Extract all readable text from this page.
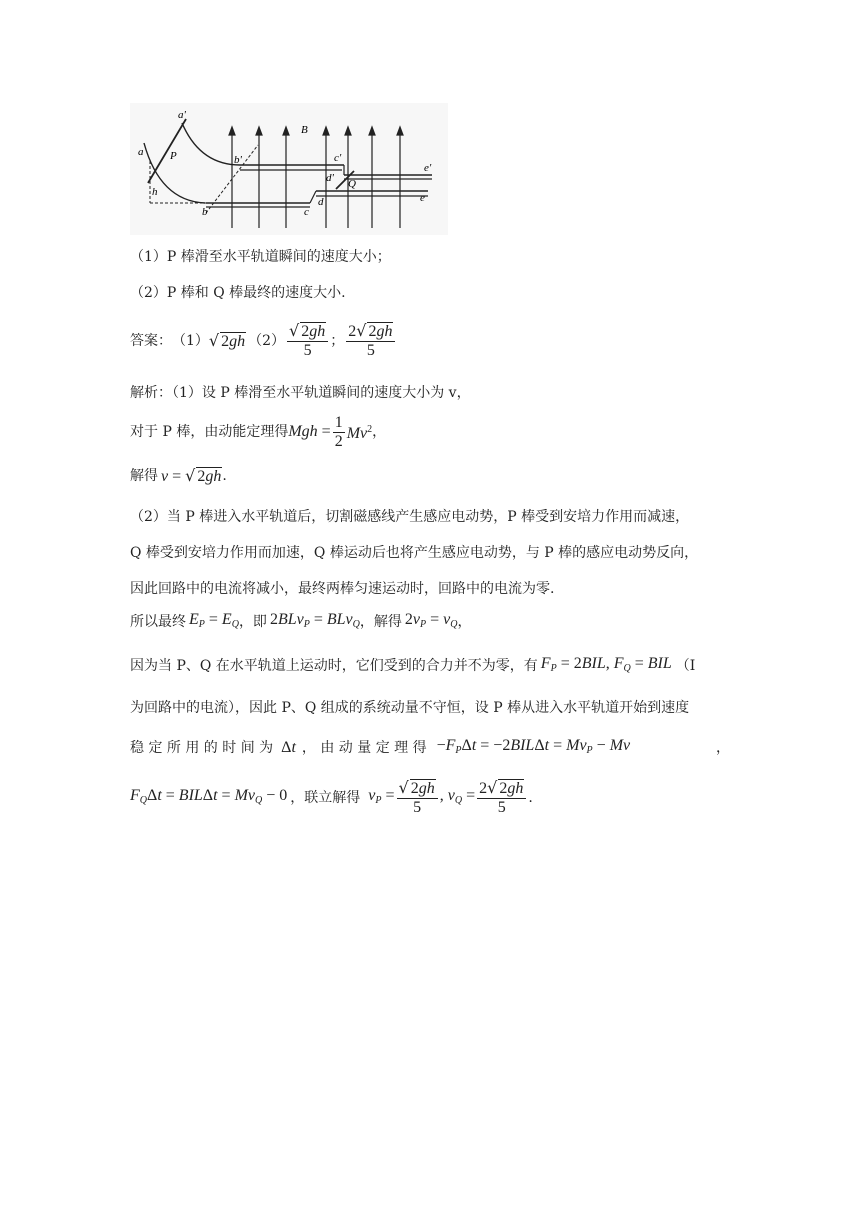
a
a'
P
h
b
b'
B
c
c'
d
d' Q
e
e'
（1）P 棒滑至水平轨道瞬间的速度大小；
（2）P 棒和 Q 棒最终的速度大小.
答案： （1） √ 2gh $(2) \frac{√ 2gh}{5}$ ； $\frac{2√ 2gh}{5}$
解析：（1）设 P 棒滑至水平轨道瞬间的速度大小为 v，
对于 P 棒，由动能定理得 Mgh = $\frac{1}{2} Mv^2$ ，
解得 v = √ 2gh .
（2）当 P 棒进入水平轨道后，切割磁感线产生感应电动势，P 棒受到安培力作用而减速，
Q 棒受到安培力作用而加速，Q 棒运动后也将产生感应电动势，与 P 棒的感应电动势反向，
因此回路中的电流将减小，最终两棒匀速运动时，回路中的电流为零.
所以最终 $E_P = E_Q$ ，即 2BLv$_P$ = BLv$_Q$ ，解得 $2v_P = v_Q$ ，
因为当 P、Q 在水平轨道上运动时，它们受到的合力并不为零，有 $F_P = 2BIL$, $F_Q$ = BIL （I
为回路中的电流），因此 P、Q 组成的系统动量不守恒，设 P 棒从进入水平轨道开始到速度
稳 定 所 用 的 时 间 为 Δt ， 由 动 量 定 理 得 $-F_P\Delta t = -2BIL\Delta t = Mv_P - Mv$	，
$F_Q\Delta t = BIL\Delta t = Mv_Q - 0$ ，联立解得 $v_P = \frac{√ 2gh}{5}$ , $v_Q = \frac{2√ 2gh}{5}$ .
